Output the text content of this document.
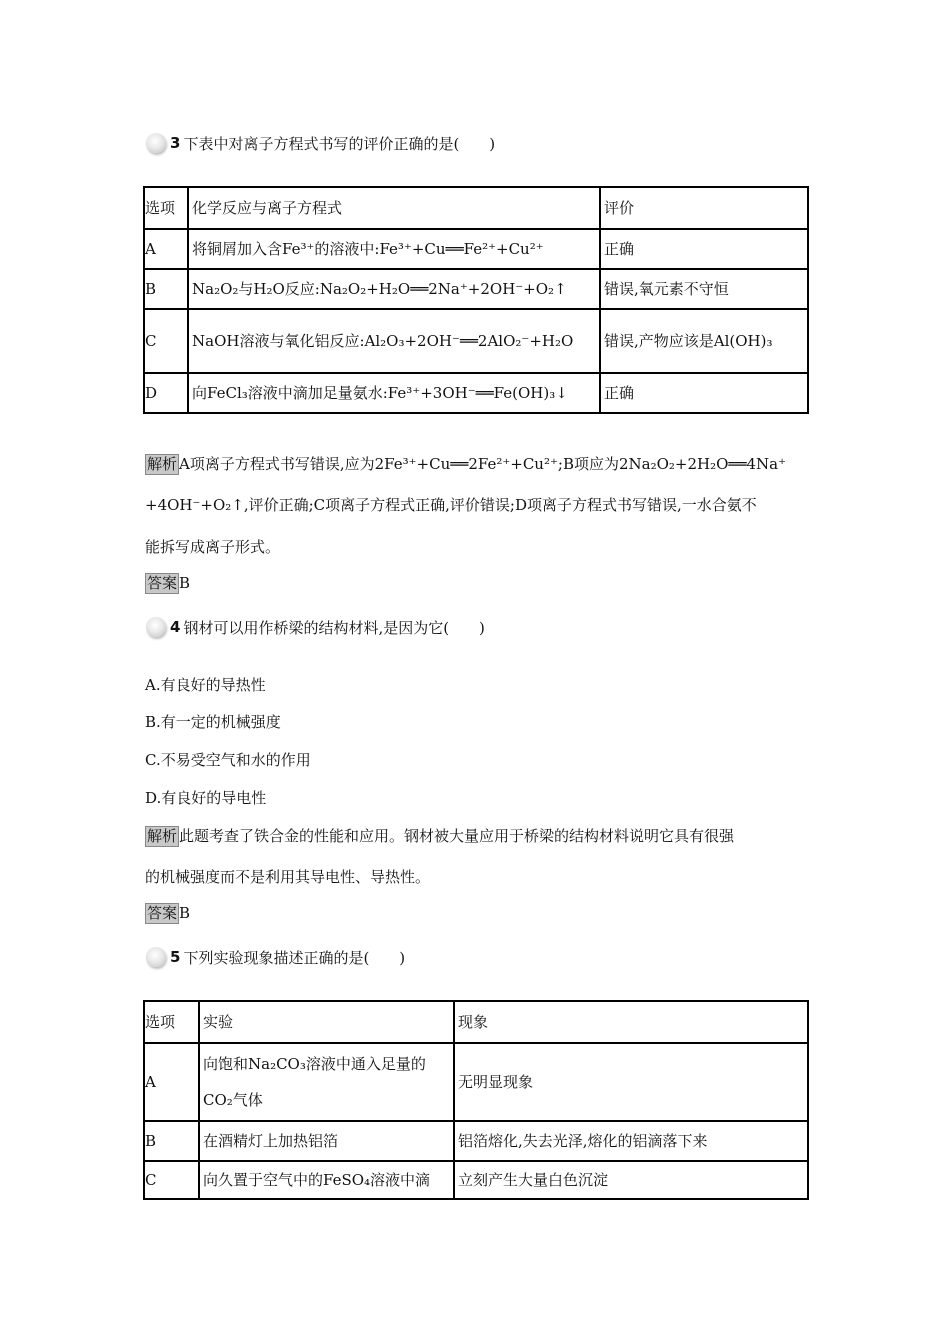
3 下表中对离子方程式书写的评价正确的是(　　)
选项	化学反应与离子方程式	评价
A	将铜屑加入含Fe³⁺的溶液中:Fe³⁺+Cu══Fe²⁺+Cu²⁺	正确
B	Na₂O₂与H₂O反应:Na₂O₂+H₂O══2Na⁺+2OH⁻+O₂↑	错误,氧元素不守恒
C	NaOH溶液与氧化铝反应:Al₂O₃+2OH⁻══2AlO₂⁻+H₂O	错误,产物应该是Al(OH)₃
D	向FeCl₃溶液中滴加足量氨水:Fe³⁺+3OH⁻══Fe(OH)₃↓	正确
解析 A项离子方程式书写错误,应为2Fe³⁺+Cu══2Fe²⁺+Cu²⁺;B项应为2Na₂O₂+2H₂O══4Na⁺
+4OH⁻+O₂↑,评价正确;C项离子方程式正确,评价错误;D项离子方程式书写错误,一水合氨不
能拆写成离子形式。
答案 B
4 钢材可以用作桥梁的结构材料,是因为它(　　)
A.有良好的导热性
B.有一定的机械强度
C.不易受空气和水的作用
D.有良好的导电性
解析 此题考查了铁合金的性能和应用。钢材被大量应用于桥梁的结构材料说明它具有很强
的机械强度而不是利用其导电性、导热性。
答案 B
5 下列实验现象描述正确的是(　　)
选项	实验	现象
A	向饱和Na₂CO₃溶液中通入足量的
CO₂气体	无明显现象
B	在酒精灯上加热铝箔	铝箔熔化,失去光泽,熔化的铝滴落下来
C	向久置于空气中的FeSO₄溶液中滴	立刻产生大量白色沉淀
